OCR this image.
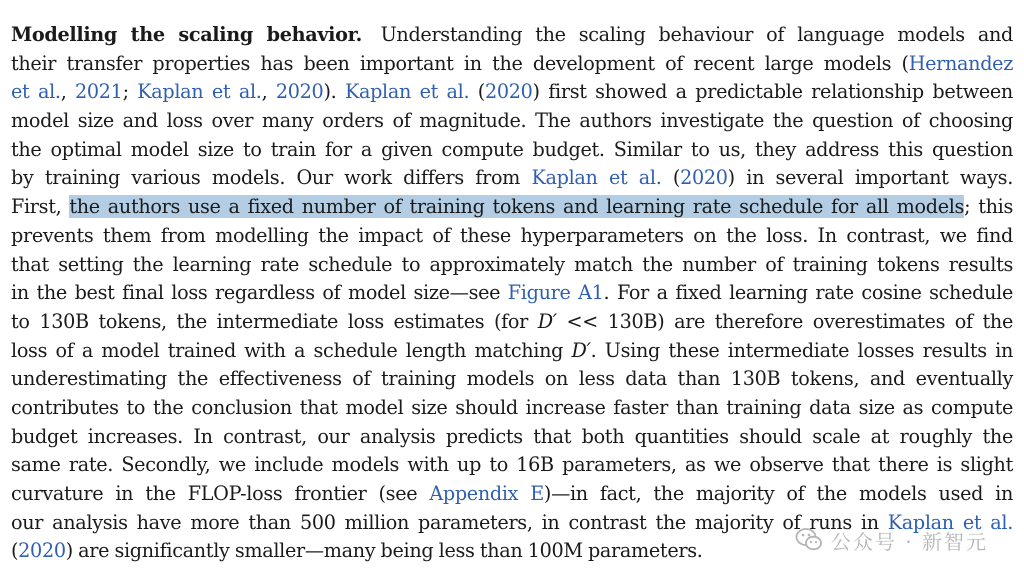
Modelling the scaling behavior.   Understanding the scaling behaviour of language models and
their transfer properties has been important in the development of recent large models (Hernandez
et al., 2021; Kaplan et al., 2020). Kaplan et al. (2020) first showed a predictable relationship between
model size and loss over many orders of magnitude. The authors investigate the question of choosing
the optimal model size to train for a given compute budget. Similar to us, they address this question
by training various models. Our work differs from Kaplan et al. (2020) in several important ways.
First, the authors use a fixed number of training tokens and learning rate schedule for all models; this
prevents them from modelling the impact of these hyperparameters on the loss. In contrast, we find
that setting the learning rate schedule to approximately match the number of training tokens results
in the best final loss regardless of model size—see Figure A1. For a fixed learning rate cosine schedule
to 130B tokens, the intermediate loss estimates (for D′ << 130B) are therefore overestimates of the
loss of a model trained with a schedule length matching D′. Using these intermediate losses results in
underestimating the effectiveness of training models on less data than 130B tokens, and eventually
contributes to the conclusion that model size should increase faster than training data size as compute
budget increases. In contrast, our analysis predicts that both quantities should scale at roughly the
same rate. Secondly, we include models with up to 16B parameters, as we observe that there is slight
curvature in the FLOP-loss frontier (see Appendix E)—in fact, the majority of the models used in
our analysis have more than 500 million parameters, in contrast the majority of runs in Kaplan et al.
(2020) are significantly smaller—many being less than 100M parameters.	公众号 · 新智元
